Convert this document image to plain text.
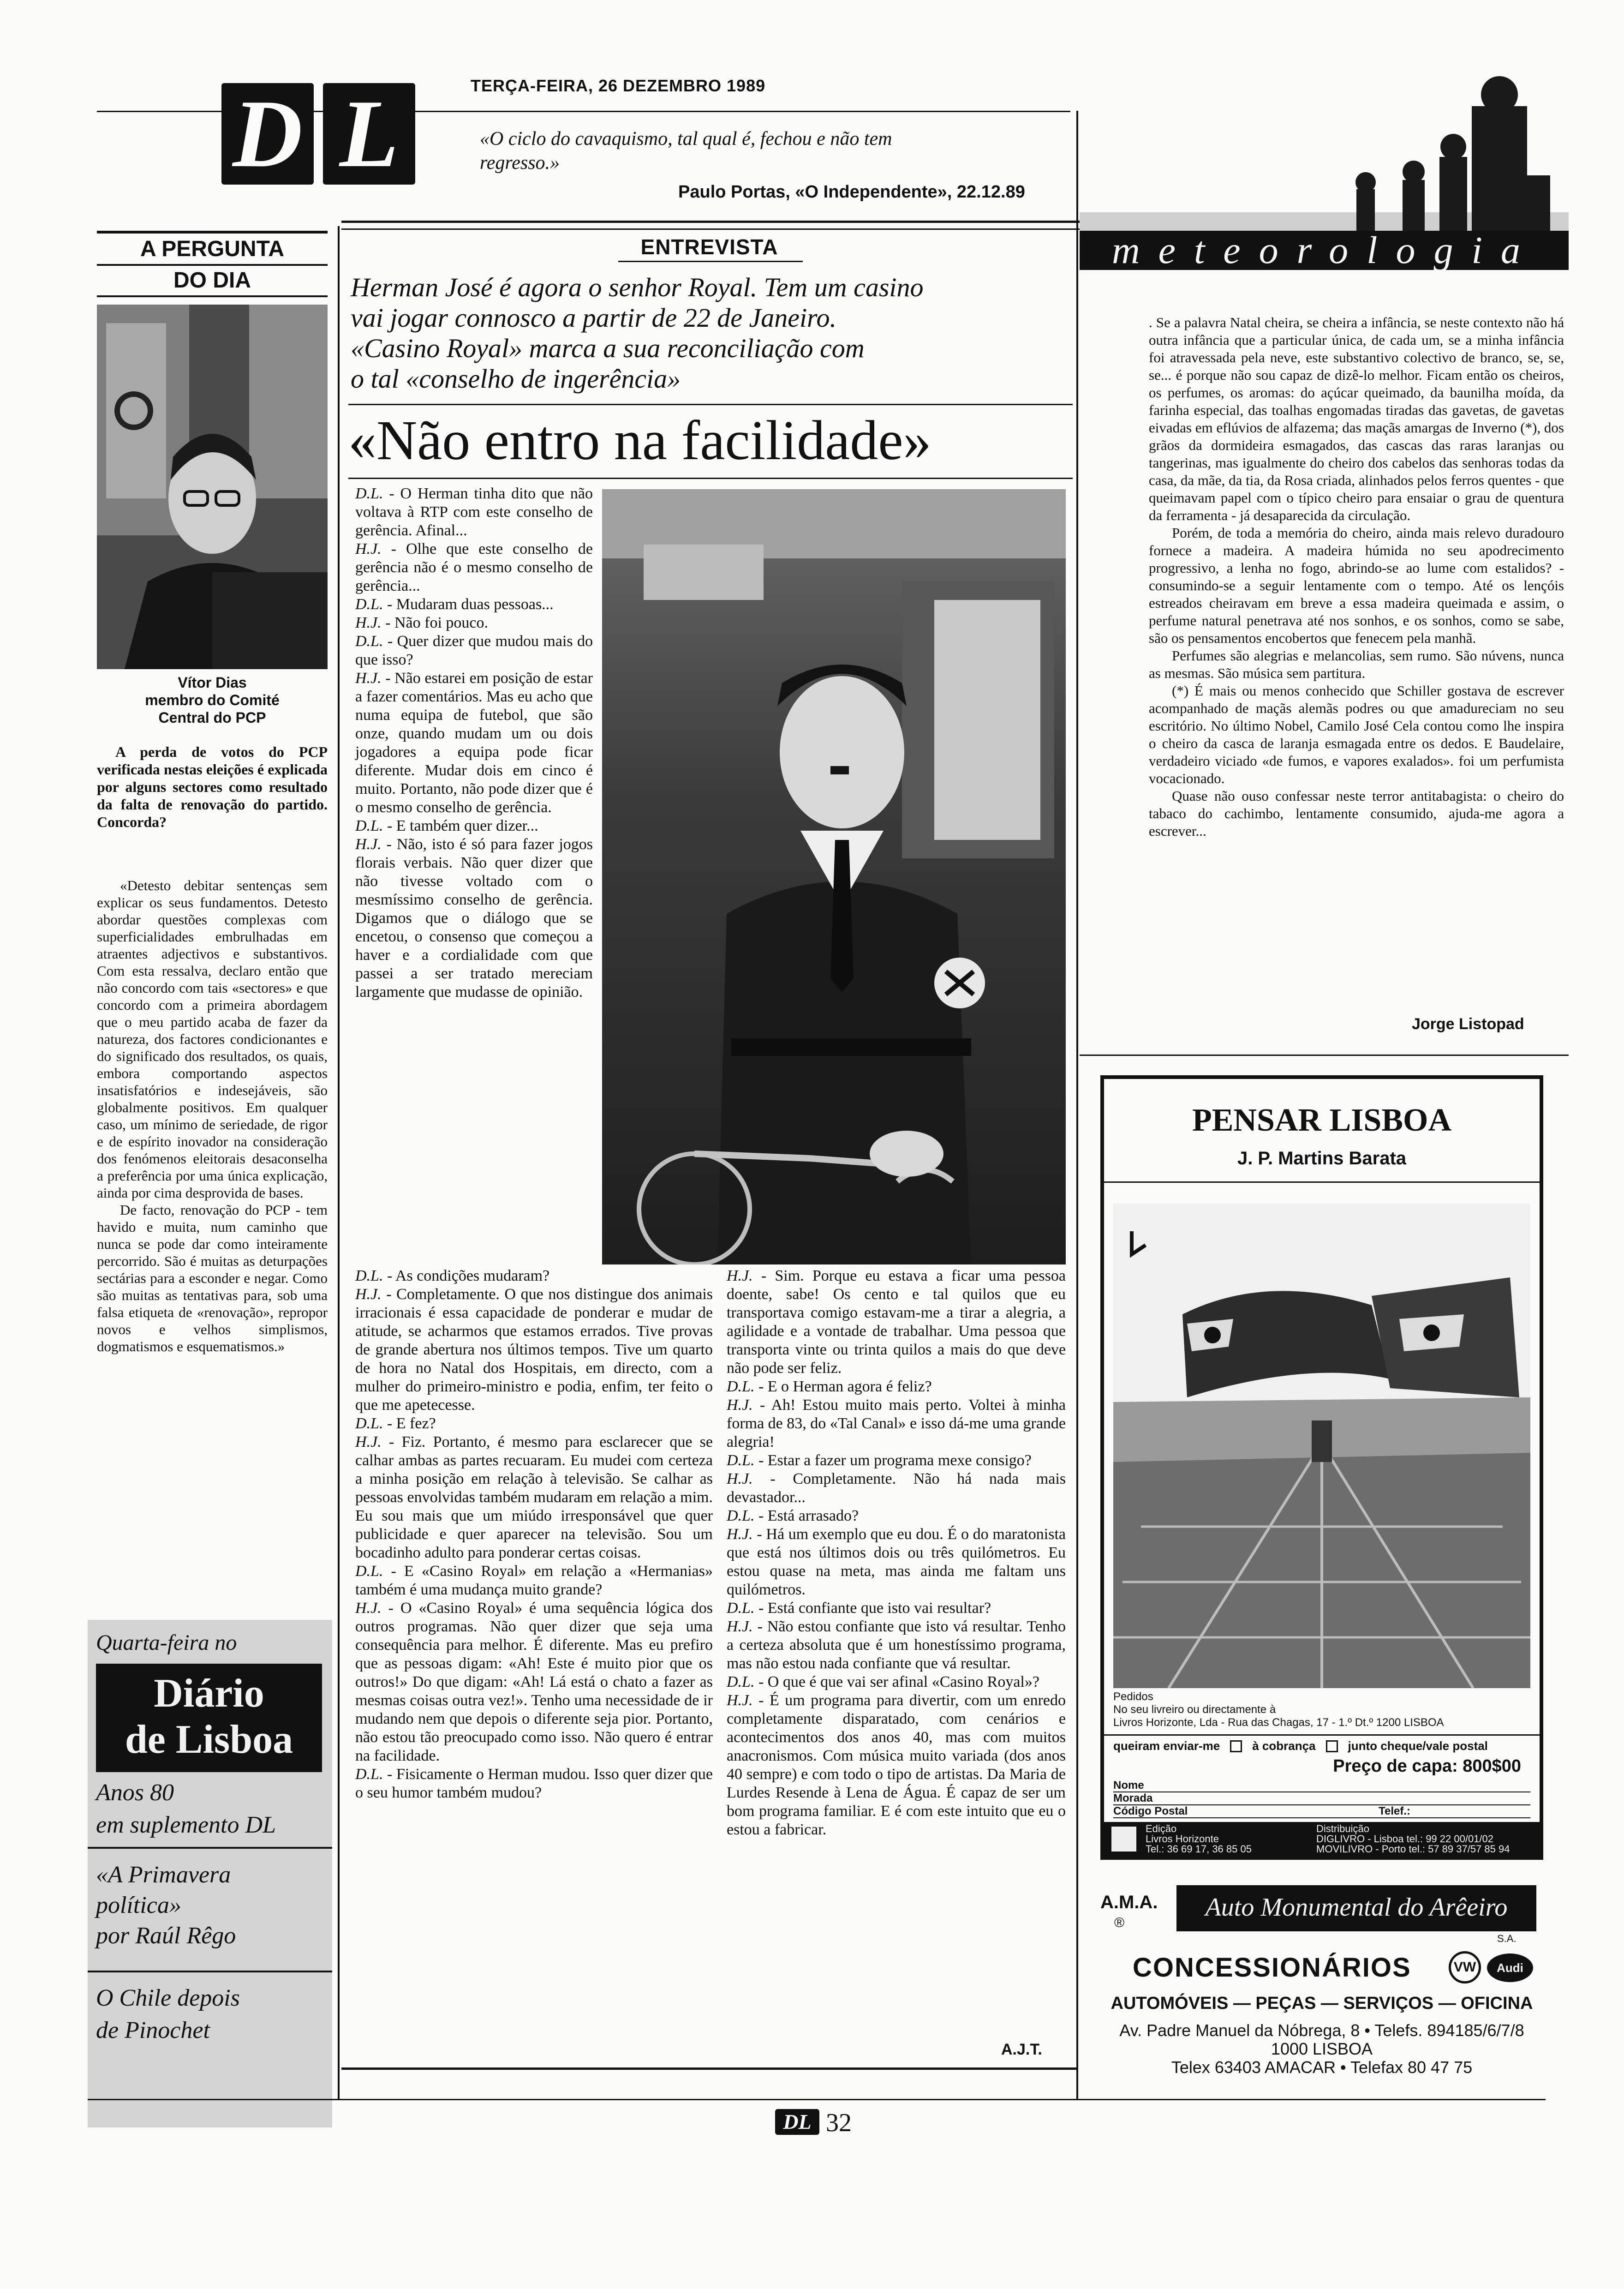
TERÇA-FEIRA, 26 DEZEMBRO 1989
D L	«O ciclo do cavaquismo, tal qual é, fechou e não tem regresso.»
Paulo Portas, «O Independente», 22.12.89
A PERGUNTA
DO DIA
Vítor Dias
membro do Comité
Central do PCP
A perda de votos do PCP verificada nestas eleições é explicada por alguns sectores como resultado da falta de renovação do partido. Concorda?

«Detesto debitar sentenças sem explicar os seus fundamentos. Detesto abordar questões complexas com superficialidades embrulhadas em atraentes adjectivos e substantivos. Com esta ressalva, declaro então que não concordo com tais «sectores» e que concordo com a primeira abordagem que o meu partido acaba de fazer da natureza, dos factores condicionantes e do significado dos resultados, os quais, embora comportando aspectos insatisfatórios e indesejáveis, são globalmente positivos. Em qualquer caso, um mínimo de seriedade, de rigor e de espírito inovador na consideração dos fenómenos eleitorais desaconselha a preferência por uma única explicação, ainda por cima desprovida de bases.

De facto, renovação do PCP - tem havido e muita, num caminho que nunca se pode dar como inteiramente percorrido. São é muitas as deturpações sectárias para a esconder e negar. Como são muitas as tentativas para, sob uma falsa etiqueta de «renovação», repropor novos e velhos simplismos, dogmatismos e esquematismos.»

Quarta-feira no
Diário
de Lisboa
Anos 80
em suplemento DL
«A Primavera
política»
por Raúl Rêgo
O Chile depois
de Pinochet
ENTREVISTA
Herman José é agora o senhor Royal. Tem um casino
vai jogar connosco a partir de 22 de Janeiro.
«Casino Royal» marca a sua reconciliação com
o tal «conselho de ingerência»
«Não entro na facilidade»

D.L. - O Herman tinha dito que não voltava à RTP com este conselho de gerência. Afinal...

H.J. - Olhe que este conselho de gerência não é o mesmo conselho de gerência...

D.L. - Mudaram duas pessoas...

H.J. - Não foi pouco.

D.L. - Quer dizer que mudou mais do que isso?

H.J. - Não estarei em posição de estar a fazer comentários. Mas eu acho que numa equipa de futebol, que são onze, quando mudam um ou dois jogadores a equipa pode ficar diferente. Mudar dois em cinco é muito. Portanto, não pode dizer que é o mesmo conselho de gerência.

D.L. - E também quer dizer...

H.J. - Não, isto é só para fazer jogos florais verbais. Não quer dizer que não tivesse voltado com o mesmíssimo conselho de gerência. Digamos que o diálogo que se encetou, o consenso que começou a haver e a cordialidade com que passei a ser tratado mereciam largamente que mudasse de opinião.

D.L. - As condições mudaram?

H.J. - Completamente. O que nos distingue dos animais irracionais é essa capacidade de ponderar e mudar de atitude, se acharmos que estamos errados. Tive provas de grande abertura nos últimos tempos. Tive um quarto de hora no Natal dos Hospitais, em directo, com a mulher do primeiro-ministro e podia, enfim, ter feito o que me apetecesse.

D.L. - E fez?

H.J. - Fiz. Portanto, é mesmo para esclarecer que se calhar ambas as partes recuaram. Eu mudei com certeza a minha posição em relação à televisão. Se calhar as pessoas envolvidas também mudaram em relação a mim. Eu sou mais que um miúdo irresponsável que quer publicidade e quer aparecer na televisão. Sou um bocadinho adulto para ponderar certas coisas.

D.L. - E «Casino Royal» em relação a «Hermanias» também é uma mudança muito grande?

H.J. - O «Casino Royal» é uma sequência lógica dos outros programas. Não quer dizer que seja uma consequência para melhor. É diferente. Mas eu prefiro que as pessoas digam: «Ah! Este é muito pior que os outros!» Do que digam: «Ah! Lá está o chato a fazer as mesmas coisas outra vez!». Tenho uma necessidade de ir mudando nem que depois o diferente seja pior. Portanto, não estou tão preocupado como isso. Não quero é entrar na facilidade.

D.L. - Fisicamente o Herman mudou. Isso quer dizer que o seu humor também mudou?

H.J. - Sim. Porque eu estava a ficar uma pessoa doente, sabe! Os cento e tal quilos que eu transportava comigo estavam-me a tirar a alegria, a agilidade e a vontade de trabalhar. Uma pessoa que transporta vinte ou trinta quilos a mais do que deve não pode ser feliz.

D.L. - E o Herman agora é feliz?

H.J. - Ah! Estou muito mais perto. Voltei à minha forma de 83, do «Tal Canal» e isso dá-me uma grande alegria!

D.L. - Estar a fazer um programa mexe consigo?

H.J. - Completamente. Não há nada mais devastador...

D.L. - Está arrasado?

H.J. - Há um exemplo que eu dou. É o do maratonista que está nos últimos dois ou três quilómetros. Eu estou quase na meta, mas ainda me faltam uns quilómetros.

D.L. - Está confiante que isto vai resultar?

H.J. - Não estou confiante que isto vá resultar. Tenho a certeza absoluta que é um honestíssimo programa, mas não estou nada confiante que vá resultar.

D.L. - O que é que vai ser afinal «Casino Royal»?

H.J. - É um programa para divertir, com um enredo completamente disparatado, com cenários e acontecimentos dos anos 40, mas com muitos anacronismos. Com música muito variada (dos anos 40 sempre) e com todo o tipo de artistas. Da Maria de Lurdes Resende à Lena de Água. É capaz de ser um bom programa familiar. E é com este intuito que eu o estou a fabricar.

A.J.T.
meteorologia

. Se a palavra Natal cheira, se cheira a infância, se neste contexto não há outra infância que a particular única, de cada um, se a minha infância foi atravessada pela neve, este substantivo colectivo de branco, se, se, se... é porque não sou capaz de dizê-lo melhor. Ficam então os cheiros, os perfumes, os aromas: do açúcar queimado, da baunilha moída, da farinha especial, das toalhas engomadas tiradas das gavetas, de gavetas eivadas em eflúvios de alfazema; das maçãs amargas de Inverno (*), dos grãos da dormideira esmagados, das cascas das raras laranjas ou tangerinas, mas igualmente do cheiro dos cabelos das senhoras todas da casa, da mãe, da tia, da Rosa criada, alinhados pelos ferros quentes - que queimavam papel com o típico cheiro para ensaiar o grau de quentura da ferramenta - já desaparecida da circulação.

Porém, de toda a memória do cheiro, ainda mais relevo duradouro fornece a madeira. A madeira húmida no seu apodrecimento progressivo, a lenha no fogo, abrindo-se ao lume com estalidos? - consumindo-se a seguir lentamente com o tempo. Até os lençóis estreados cheiravam em breve a essa madeira queimada e assim, o perfume natural penetrava até nos sonhos, e os sonhos, como se sabe, são os pensamentos encobertos que fenecem pela manhã.

Perfumes são alegrias e melancolias, sem rumo. São núvens, nunca as mesmas. São música sem partitura.

(*) É mais ou menos conhecido que Schiller gostava de escrever acompanhado de maçãs alemãs podres ou que amadureciam no seu escritório. No último Nobel, Camilo José Cela contou como lhe inspira o cheiro da casca de laranja esmagada entre os dedos. E Baudelaire, verdadeiro viciado «de fumos, e vapores exalados». foi um perfumista vocacionado.

Quase não ouso confessar neste terror antitabagista: o cheiro do tabaco do cachimbo, lentamente consumido, ajuda-me agora a escrever...

Jorge Listopad
PENSAR LISBOA
J. P. Martins Barata
Pedidos
No seu livreiro ou directamente à
Livros Horizonte, Lda - Rua das Chagas, 17 - 1.º Dt.º 1200 LISBOA
queiram enviar-me	à cobrança	junto cheque/vale postal
Preço de capa: 800$00
Nome
Morada
Código Postal	Telef.:
Edição
Livros Horizonte
Tel.: 36 69 17, 36 85 05
Distribuição
DIGLIVRO - Lisboa tel.: 99 22 00/01/02
MOVILIVRO - Porto tel.: 57 89 37/57 85 94
A.M.A.
®
Auto Monumental do Arêeiro
S.A.
CONCESSIONÁRIOS	VW Audi
AUTOMÓVEIS — PEÇAS — SERVIÇOS — OFICINA
Av. Padre Manuel da Nóbrega, 8 • Telefs. 894185/6/7/8
1000 LISBOA
Telex 63403 AMACAR • Telefax 80 47 75
DL 32
